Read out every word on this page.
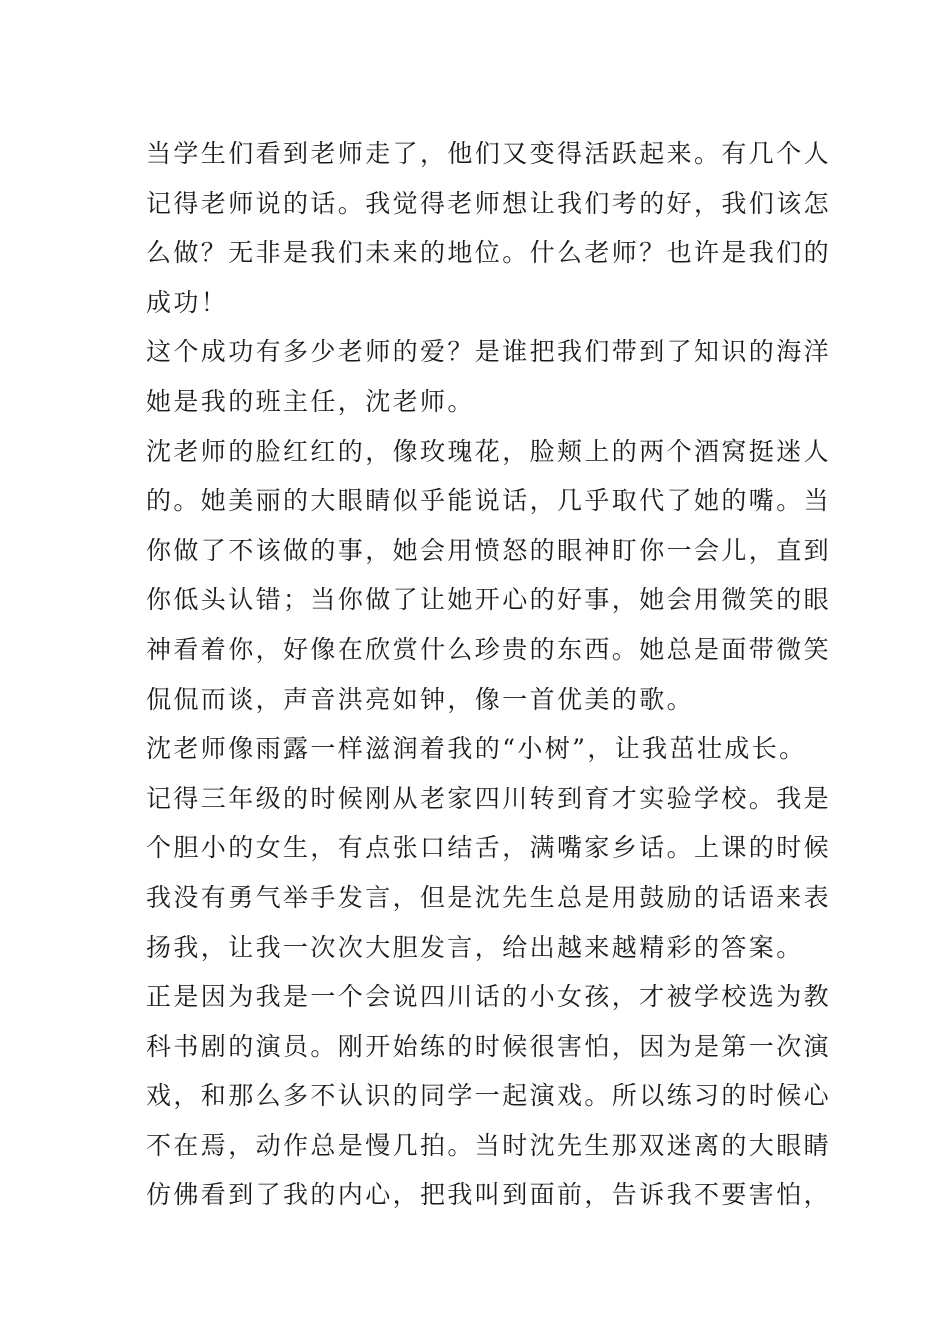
当学生们看到老师走了，他们又变得活跃起来。有几个人
记得老师说的话。我觉得老师想让我们考的好，我们该怎
么做？无非是我们未来的地位。什么老师？也许是我们的
成功！
这个成功有多少老师的爱？是谁把我们带到了知识的海洋
她是我的班主任，沈老师。
沈老师的脸红红的，像玫瑰花，脸颊上的两个酒窝挺迷人
的。她美丽的大眼睛似乎能说话，几乎取代了她的嘴。当
你做了不该做的事，她会用愤怒的眼神盯你一会儿，直到
你低头认错；当你做了让她开心的好事，她会用微笑的眼
神看着你，好像在欣赏什么珍贵的东西。她总是面带微笑
侃侃而谈，声音洪亮如钟，像一首优美的歌。
沈老师像雨露一样滋润着我的“小树”，让我茁壮成长。
记得三年级的时候刚从老家四川转到育才实验学校。我是
个胆小的女生，有点张口结舌，满嘴家乡话。上课的时候
我没有勇气举手发言，但是沈先生总是用鼓励的话语来表
扬我，让我一次次大胆发言，给出越来越精彩的答案。
正是因为我是一个会说四川话的小女孩，才被学校选为教
科书剧的演员。刚开始练的时候很害怕，因为是第一次演
戏，和那么多不认识的同学一起演戏。所以练习的时候心
不在焉，动作总是慢几拍。当时沈先生那双迷离的大眼睛
仿佛看到了我的内心，把我叫到面前，告诉我不要害怕，
